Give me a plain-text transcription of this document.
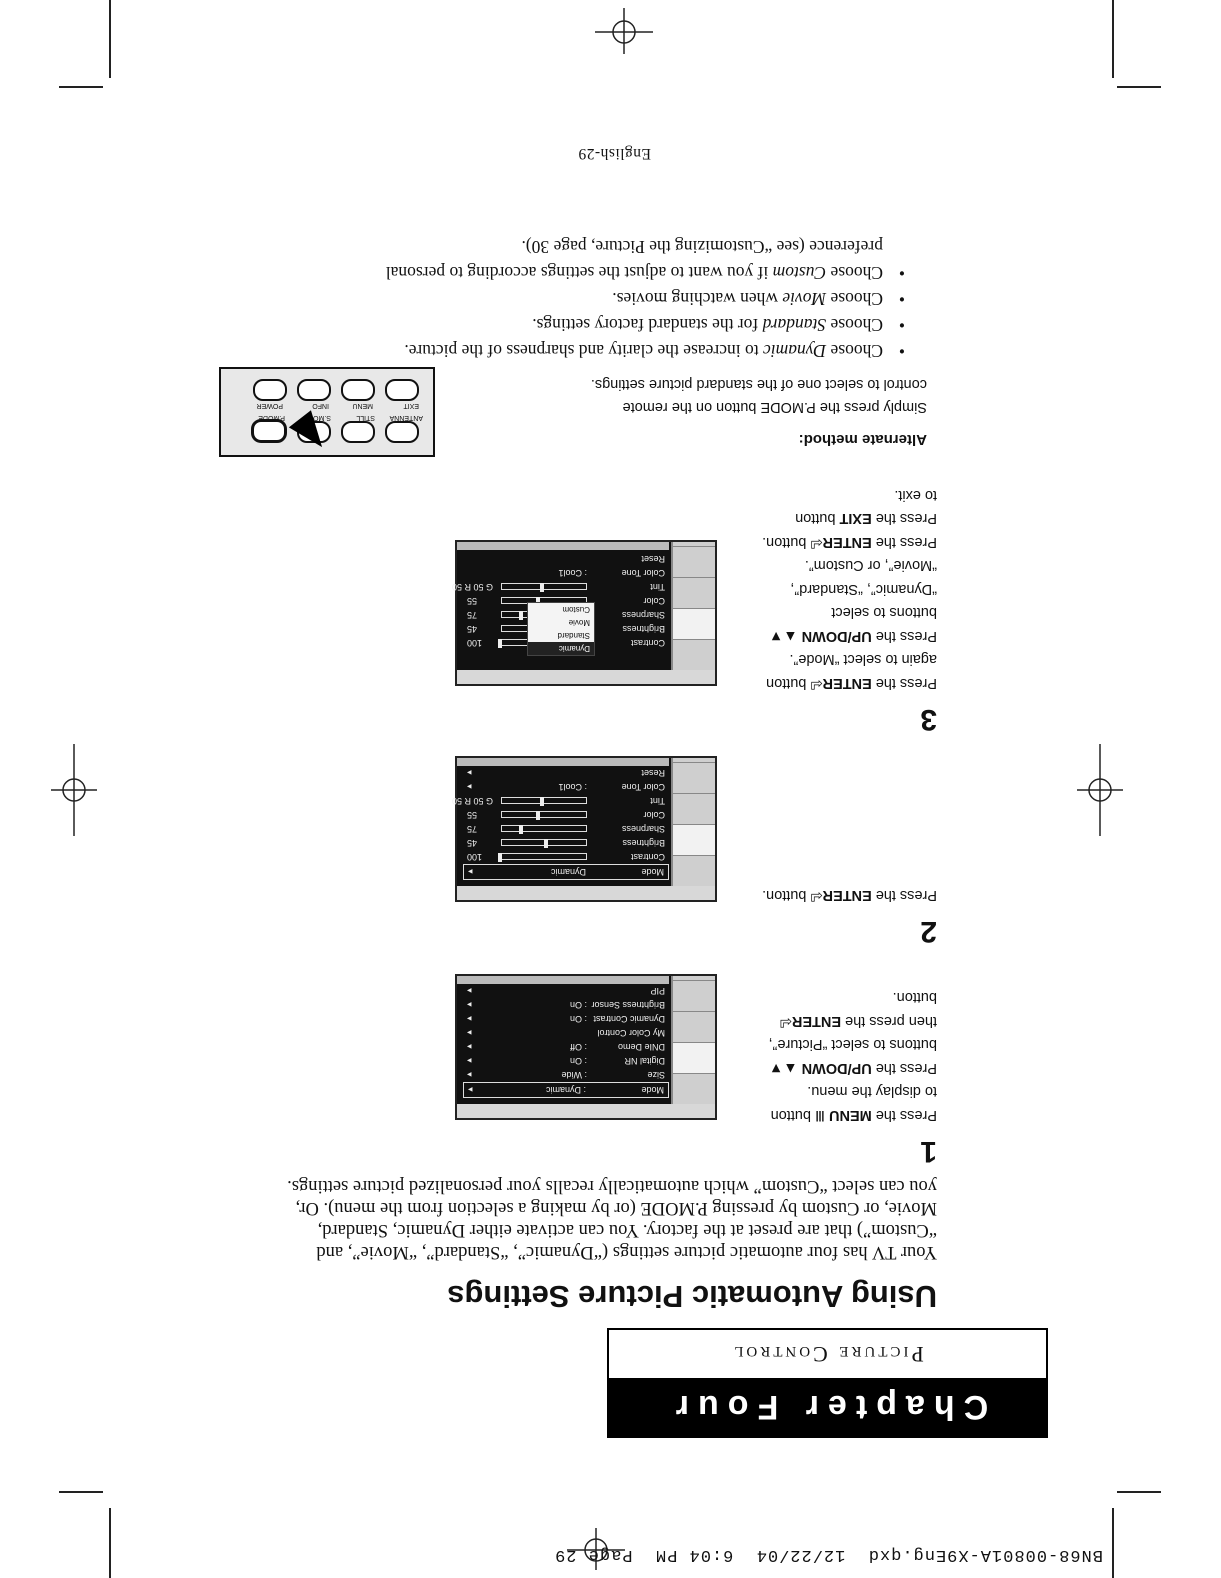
BN68-00801A-X9Eng.qxd  12/22/04  6:04 PM  Page 29
Chapter Four
Picture Control
Using Automatic Picture Settings
Your TV has four automatic picture settings (“Dynamic”, “Standard”, “Movie”, and “Custom”) that are preset at the factory. You can activate either Dynamic, Standard, Movie, or Custom by pressing P.MODE (or by making a selection from the menu). Or, you can select “Custom” which automatically recalls your personalized picture settings.
1
Press the MENU Ⅲ button
to display the menu.
Press the UP/DOWN ▲▼
buttons to select “Picture”,
then press the ENTER⏎
button.
Mode
: Dynamic
▸
Size
: Wide
▸
Digital NR
: On
▸
DNIe Demo
: Off
▸
My Color Control
▸
Dynamic Contrast
: On
▸
Brightness Sensor
: On
▸
PIP
▸
2
Press the ENTER⏎ button.
Mode
Dynamic
▸
Contrast
100
Brightness
45
Sharpness
75
Color
55
Tint
G 50 R 50
Color Tone
: Cool1
▸
Reset
▸
3
Press the ENTER⏎ button
again to select “Mode”.
Press the UP/DOWN ▲▼
buttons to select
“Dynamic”, “Standard”,
“Movie”, or Custom”.
Press the ENTER⏎ button.
Press the EXIT button
to exit.
Contrast
100
Brightness
45
Sharpness
75
Color
55
Tint
G 50 R 50
Color Tone
: Cool1
Reset
Dynamic
Standard
Movie
Custom
Alternate method:
Simply press the P.MODE button on the remote control to select one of the standard picture settings.
ANTENNA
STILL
S.MODE
P.MODE
EXIT
MENU
INFO
POWER
• Choose Dynamic to increase the clarity and sharpness of the picture.
• Choose Standard for the standard factory settings.
• Choose Movie when watching movies.
• Choose Custom if you want to adjust the settings according to personal
preference (see “Customizing the Picture, page 30).
English-29
